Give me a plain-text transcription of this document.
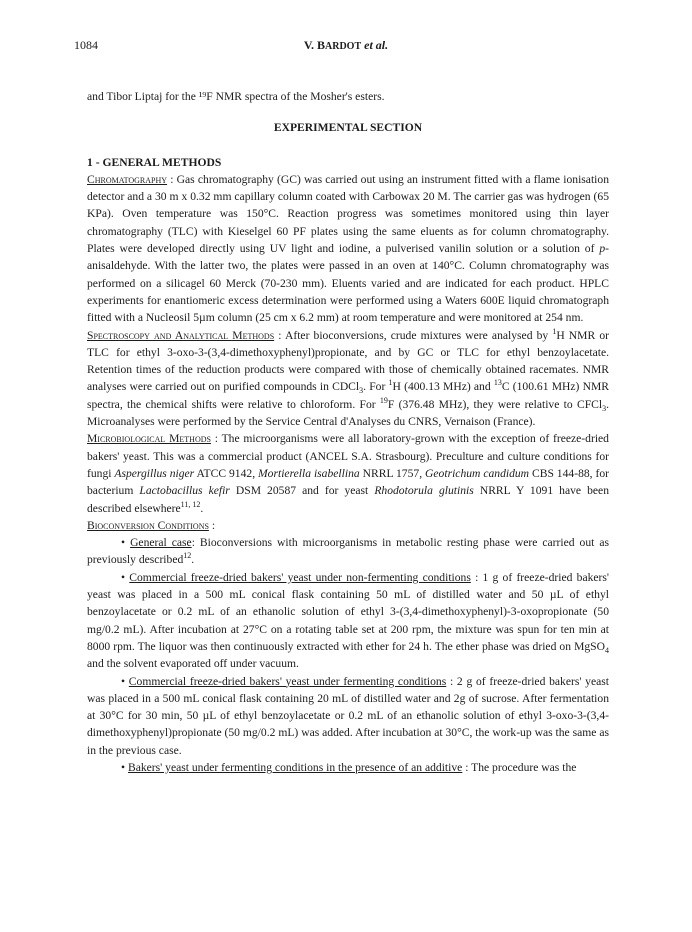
1084	V. BARDOT et al.

and Tibor Liptaj for the ¹⁹F NMR spectra of the Mosher's esters.

EXPERIMENTAL SECTION

1 - GENERAL METHODS

Chromatography : Gas chromatography (GC) was carried out using an instrument fitted with a flame ionisation detector and a 30 m x 0.32 mm capillary column coated with Carbowax 20 M. The carrier gas was hydrogen (65 KPa). Oven temperature was 150°C. Reaction progress was sometimes monitored using thin layer chromatography (TLC) with Kieselgel 60 PF plates using the same eluents as for column chromatography. Plates were developed directly using UV light and iodine, a pulverised vanilin solution or a solution of p-anisaldehyde. With the latter two, the plates were passed in an oven at 140°C. Column chromatography was performed on a silicagel 60 Merck (70-230 mm). Eluents varied and are indicated for each product. HPLC experiments for enantiomeric excess determination were performed using a Waters 600E liquid chromatograph fitted with a Nucleosil 5µm column (25 cm x 6.2 mm) at room temperature and were monitored at 254 nm.

Spectroscopy and Analytical Methods : After bioconversions, crude mixtures were analysed by $^1$H NMR or TLC for ethyl 3-oxo-3-(3,4-dimethoxyphenyl)propionate, and by GC or TLC for ethyl benzoylacetate. Retention times of the reduction products were compared with those of chemically obtained racemates. NMR analyses were carried out on purified compounds in CDCl$_3$. For $^1$H (400.13 MHz) and $^{13}$C (100.61 MHz) NMR spectra, the chemical shifts were relative to chloroform. For $^{19}$F (376.48 MHz), they were relative to CFCl$_3$. Microanalyses were performed by the Service Central d'Analyses du CNRS, Vernaison (France).

Microbiological Methods : The microorganisms were all laboratory-grown with the exception of freeze-dried bakers' yeast. This was a commercial product (ANCEL S.A. Strasbourg). Preculture and culture conditions for fungi Aspergillus niger ATCC 9142, Mortierella isabellina NRRL 1757, Geotrichum candidum CBS 144-88, for bacterium Lactobacillus kefir DSM 20587 and for yeast Rhodotorula glutinis NRRL Y 1091 have been described elsewhere$^{11, 12}$.

Bioconversion Conditions :

• General case: Bioconversions with microorganisms in metabolic resting phase were carried out as previously described$^{12}$.

• Commercial freeze-dried bakers' yeast under non-fermenting conditions : 1 g of freeze-dried bakers' yeast was placed in a 500 mL conical flask containing 50 mL of distilled water and 50 µL of ethyl benzoylacetate or 0.2 mL of an ethanolic solution of ethyl 3-(3,4-dimethoxyphenyl)-3-oxopropionate (50 mg/0.2 mL). After incubation at 27°C on a rotating table set at 200 rpm, the mixture was spun for ten min at 8000 rpm. The liquor was then continuously extracted with ether for 24 h. The ether phase was dried on MgSO$_4$ and the solvent evaporated off under vacuum.

• Commercial freeze-dried bakers' yeast under fermenting conditions : 2 g of freeze-dried bakers' yeast was placed in a 500 mL conical flask containing 20 mL of distilled water and 2g of sucrose. After fermentation at 30°C for 30 min, 50 µL of ethyl benzoylacetate or 0.2 mL of an ethanolic solution of ethyl 3-oxo-3-(3,4-dimethoxyphenyl)propionate (50 mg/0.2 mL) was added. After incubation at 30°C, the work-up was the same as in the previous case.

• Bakers' yeast under fermenting conditions in the presence of an additive : The procedure was the
